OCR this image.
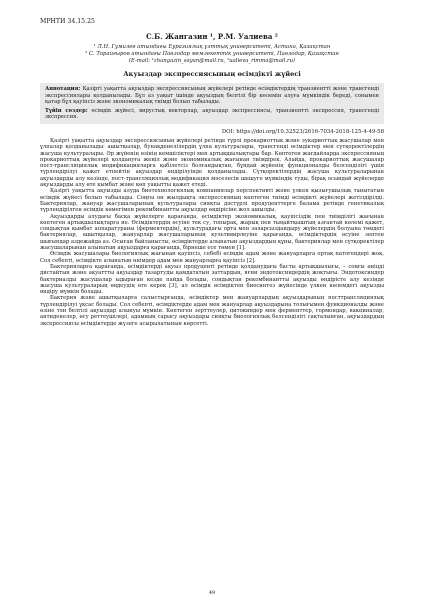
МРНТИ 34.15.25
С.Б. Жангазин ¹, Р.М. Уалиева ²
¹ Л.Н. Гумилев атындағы Еуразиялық ұлттық университеті, Астана, Қазақстан
² С. Торайғыров атындағы Павлодар мемлекеттік университеті, Павлодар, Қазақстан
(E-mail: ¹zhangazin_sayan@mail.ru, ²ualieva_rimma@mail.ru)
Ақуыздар экспрессиясының өсімдікті жүйесі
Аннотация: Қазіргі уақытта ақуыздар экспрессиясының жүйелері ретінде өсімдіктердің транзиентті және трансгенді экспрессиялары қолданылады. Бұл аз уақыт ішінде ақуыздың белгілі бір көлемін алуға мүмкіндік береді, сонымен қатар бұл қауіпсіз және экономикалық тиімді болып табылады.
Түйін сөздер: өсімдік жүйесі, вирустық векторлар, ақуыздар экспрессиясы, транзиентті экспрессия, трансгенді экспрессия.
DOI: https://doi.org/10.32523/2616-7034-2018-125-4-49-58

Қазіргі уақытта ақуыздар экспрессиясының жүйелері ретінде түрлі прокариоттық және эукариоттық жасушалар мен ұлпалар қолданылады: ашытқылар, бунақденелілердің ұлпа культуралары, трансгенді өсімдіктер мен сүтқоректілердің жасуша культуралары. Әр жүйенің өзінің кемшіліктері мен артықшылықтары бар. Көптеген жағдайларда экспрессияның прокариоттық жүйелері қолдануға жеңіл және экономикалық жағынан тиімдірек. Алайда, прокариоттық жасушалар пост-трансляциялық модификацияларға қабілетсіз болғандықтан, бұндай жүйенің функционалды белсенділігі үшін түрлендірілуі қажет етпейтін ақуыздар өндірілуінде қолданылады. Сүтқоректілердің жасуша культураларынан ақуыздарды алу кезінде, пост-трансляциялық модификация мәселесін шешуге мүмкіндік туды, бірақ осындай жүйелерде ақуыздарды алу өте қымбат және көп уақытты қажет етеді.

Қазіргі уақытта ақуызды алуда биотехнологиялық компаниялар перспективті және үлкен қызығушылық танытатын өсімдік жүйесі болып табылады. Соңғы он жылдықта экспрессияның көптеген тиімді өсімдікті жүйелері жетілдірілді. Бактериялар, жануар жасушаларының культуралары сияқты дәстүрлі продуценттерге балама ретінде генетикалық түрлендірілген өсімдік көмегімен рекомбинантты ақуыздар өндірісіне жол ашылды.

Ақуыздарды алудағы басқа жүйелерге қарағанда, өсімдіктер экономикалық, қауіпсіздік пен тиімділігі жағынан көптеген артықшылықтарға ие. Өсімдіктердің өсуіне тек су, топырақ, жарық пен тыңайтқыштың азғантай көлемі қажет, сондықтан қымбат аппаратураны (ферментердің), культурадағы орта мен заларсыздандыру жүйелердің болуына төмдегі бактериялар, ашытқылар, жануарлар жасушаларының культивирлеуіне қарағанда, өсімдіктердің өсуіне зептен шығындар аздежайда аз. Осыған байланысты, өсімдіктерде алынатын ақуыздардың құны, бактериялар мен сүтқоректілер жасушаларынан алынатын ақуыздарға қарағанда, бірнеше есе төмен [1].

Өсімдік жасушалары биологиялық жағынан қауіпсіз, себебі өсімдік адам және жануарларға ортақ патогендері жоқ. Сол себепті, өсімдікте алынатын өнімдер адам мен жануарларға қауіпсіз [2].

Бактерияларға қарағанда, өсімдіктерді ақуыз продуценті ретінде қолданудағы басты артықшылығы, – соңғы өніцді дистайтын және ақуаттты ақуыздар тазартуды қамдататын заттардың, яғни эндотоксиндердің жоқтығы. Эндотоксиндер бактериалды жасушалар ыдыраған кезде пайда болады, сондықтан рекомбинантты ақуызды өндірісте алу кезінде жасуша культураларың өңдеудің өте керек [3], ал өсімдік өсімдіктен биосинтез жүйесінде үлкен көлемдегі ақуызды өндіру мүмкін болады.

Бактерия және ашытқыларға салыстырғанда, өсімдіктер мен жануарлардың ақуыздарының посттрансляциялық түрлендірілуі ұқсас болады. Сол себепті, өсімдіктерде адам мен жануарлар ақуыздарына толығымен функционалды және өзіне тән белгілі ақуыздар алынуы мүмкін. Көптеген зерттеулер, цитокиндер мен ферменттер, гормондар, вакциналар, антиденелер, өсу реттеушілері, адамның сарысу ақуыздары сияқты биологиялық белсенділігі сақталынған, ақуыздардың экспрессиясы өсімдіктерде жүзеге асырылатынын көрсетті.

49
